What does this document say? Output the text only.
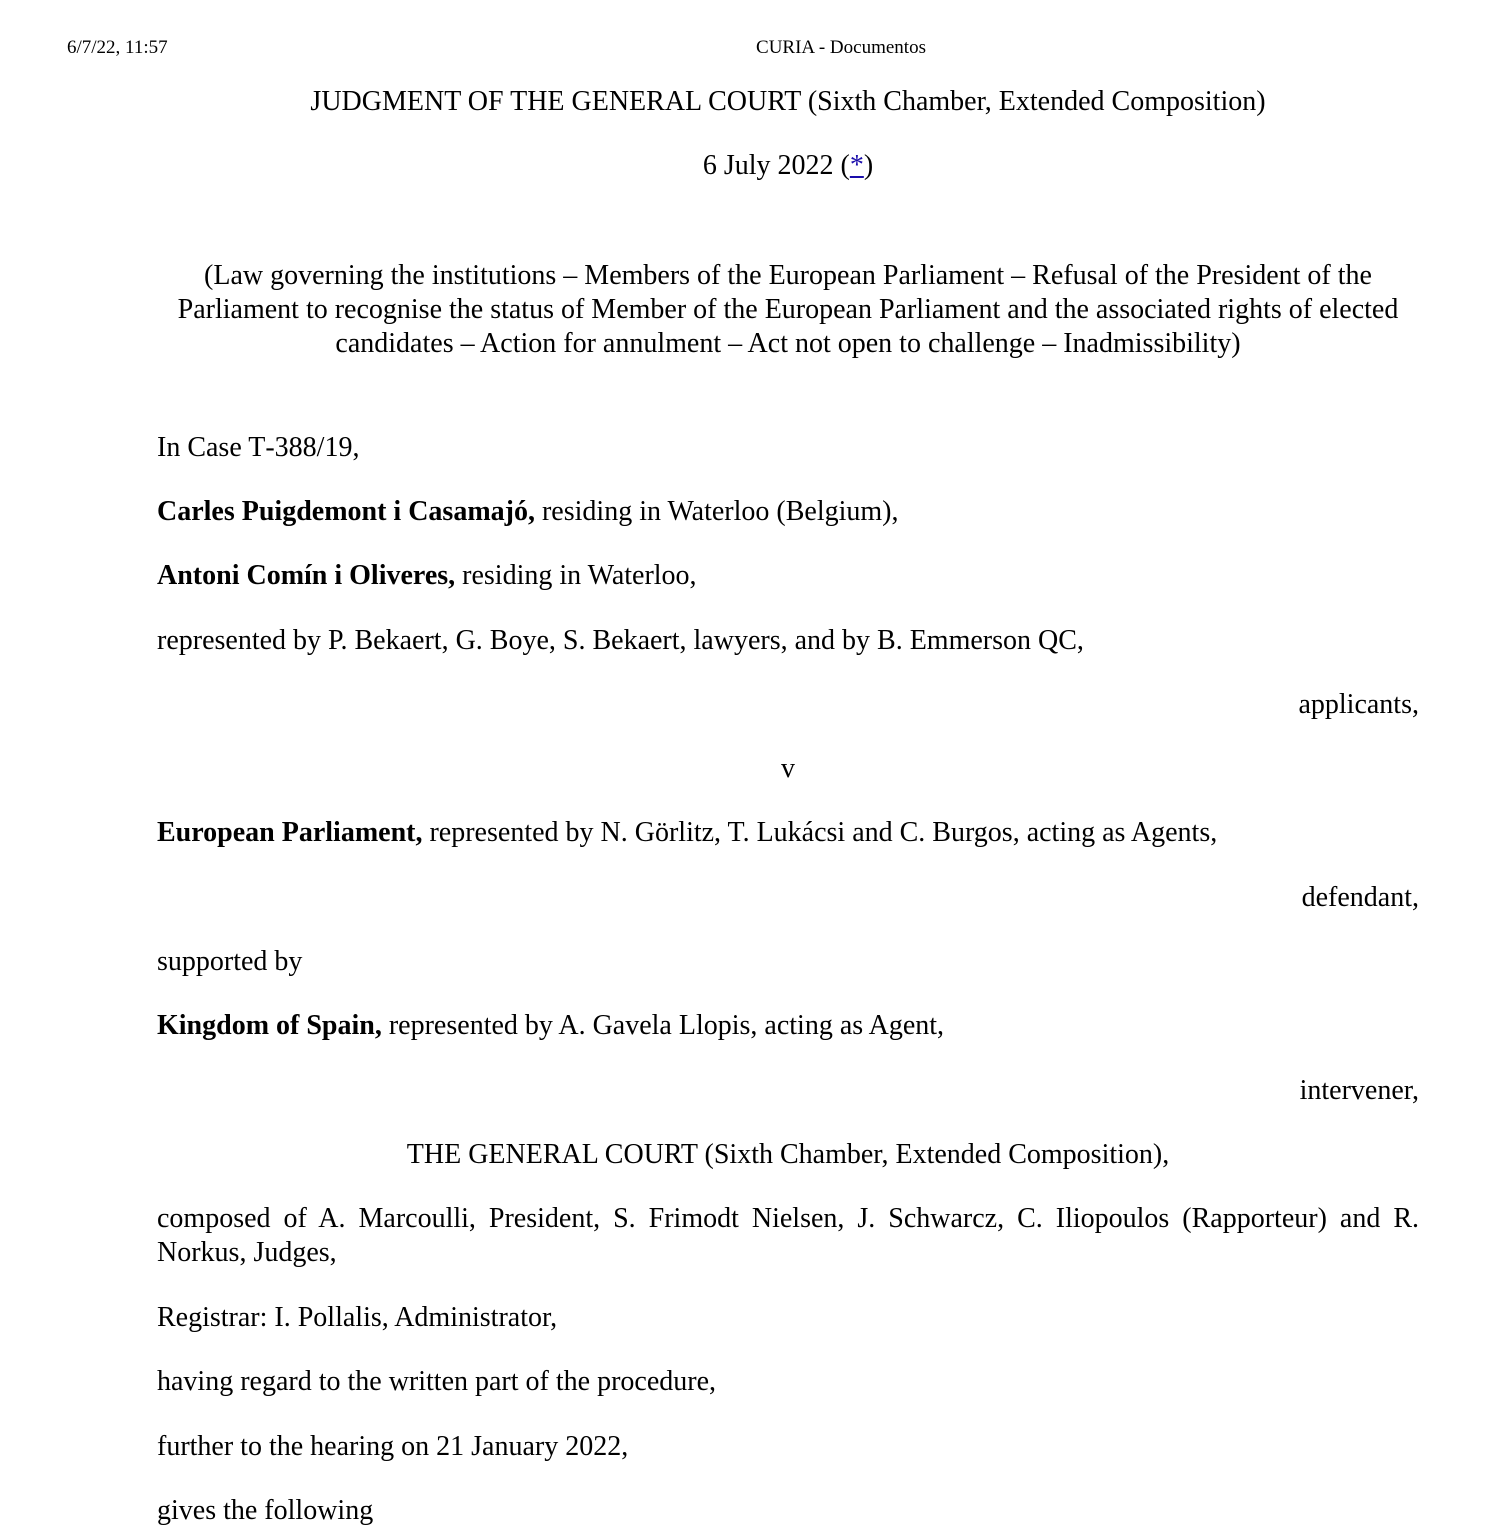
6/7/22, 11:57	CURIA - Documentos

JUDGMENT OF THE GENERAL COURT (Sixth Chamber, Extended Composition)

6 July 2022 (*)

(Law governing the institutions – Members of the European Parliament – Refusal of the President of the Parliament to recognise the status of Member of the European Parliament and the associated rights of elected candidates – Action for annulment – Act not open to challenge – Inadmissibility)

In Case T‑388/19,

Carles Puigdemont i Casamajó, residing in Waterloo (Belgium),

Antoni Comín i Oliveres, residing in Waterloo,

represented by P. Bekaert, G. Boye, S. Bekaert, lawyers, and by B. Emmerson QC,

applicants,

v

European Parliament, represented by N. Görlitz, T. Lukácsi and C. Burgos, acting as Agents,

defendant,

supported by

Kingdom of Spain, represented by A. Gavela Llopis, acting as Agent,

intervener,

THE GENERAL COURT (Sixth Chamber, Extended Composition),

composed of A. Marcoulli, President, S. Frimodt Nielsen, J. Schwarcz, C. Iliopoulos (Rapporteur) and R. Norkus, Judges,

Registrar: I. Pollalis, Administrator,

having regard to the written part of the procedure,

further to the hearing on 21 January 2022,

gives the following
